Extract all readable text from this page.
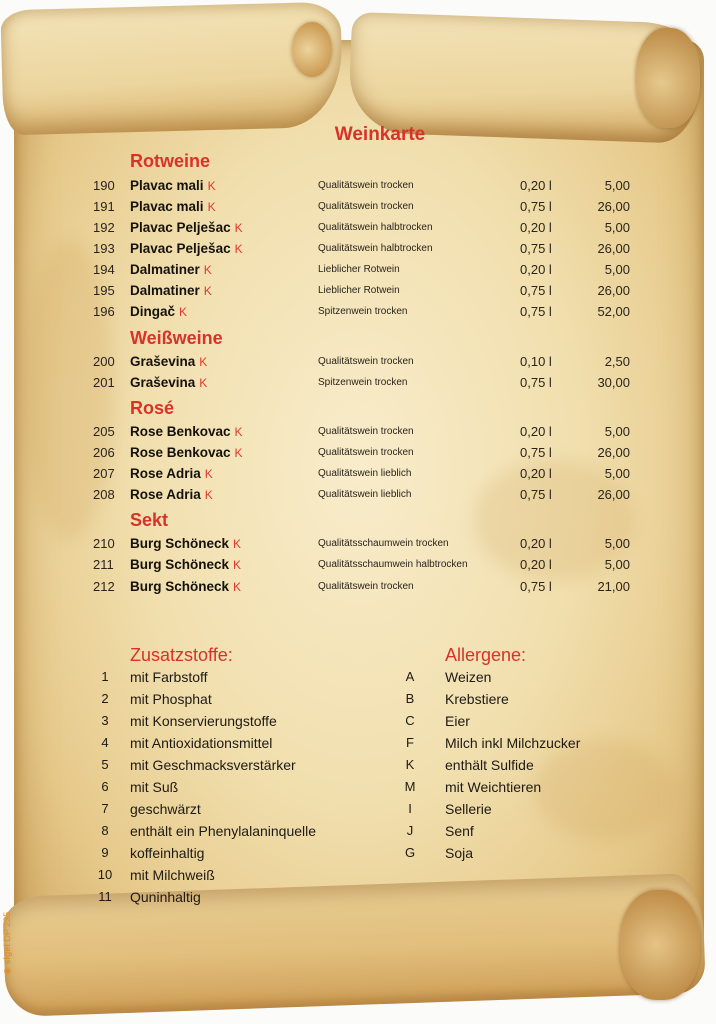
Weinkarte
Rotweine
190	Plavac mali K	Qualitätswein trocken	0,20 l	5,00
191	Plavac mali K	Qualitätswein trocken	0,75 l	26,00
192	Plavac Pelješac K	Qualitätswein halbtrocken	0,20 l	5,00
193	Plavac Pelješac K	Qualitätswein halbtrocken	0,75 l	26,00
194	Dalmatiner K	Lieblicher Rotwein	0,20 l	5,00
195	Dalmatiner K	Lieblicher Rotwein	0,75 l	26,00
196	Dingač K	Spitzenwein trocken	0,75 l	52,00
Weißweine
200	Graševina K	Qualitätswein trocken	0,10 l	2,50
201	Graševina K	Spitzenwein trocken	0,75 l	30,00
Rosé
205	Rose Benkovac K	Qualitätswein trocken	0,20 l	5,00
206	Rose Benkovac K	Qualitätswein trocken	0,75 l	26,00
207	Rose Adria K	Qualitätswein lieblich	0,20 l	5,00
208	Rose Adria K	Qualitätswein lieblich	0,75 l	26,00
Sekt
210	Burg Schöneck K	Qualitätsschaumwein trocken	0,20 l	5,00
211	Burg Schöneck K	Qualitätsschaumwein halbtrocken	0,20 l	5,00
212	Burg Schöneck K	Qualitätswein trocken	0,75 l	21,00
Zusatzstoffe:
1	mit Farbstoff
2	mit Phosphat
3	mit Konservierungstoffe
4	mit Antioxidationsmittel
5	mit Geschmacksverstärker
6	mit Suß
7	geschwärzt
8	enthält ein Phenylalaninquelle
9	koffeinhaltig
10	mit Milchweiß
11	Quninhaltig
Allergene:
A	Weizen
B	Krebstiere
C	Eier
F	Milch inkl Milchzucker
K	enthält Sulfide
M	mit Weichtieren
I	Sellerie
J	Senf
G	Soja
◉ sigel DP 235
